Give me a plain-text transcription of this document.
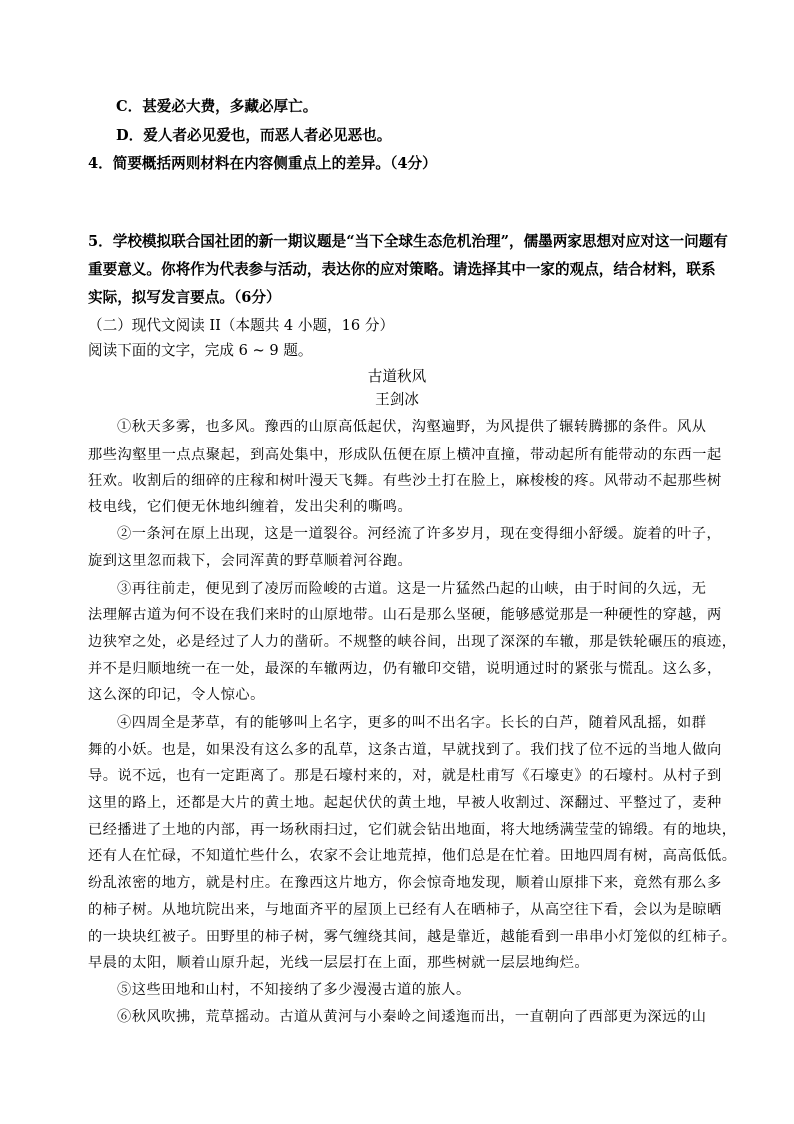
C．甚爱必大费，多藏必厚亡。
D．爱人者必见爱也，而恶人者必见恶也。
4．简要概括两则材料在内容侧重点上的差异。（4分）
5．学校模拟联合国社团的新一期议题是“当下全球生态危机治理”，儒墨两家思想对应对这一问题有
重要意义。你将作为代表参与活动，表达你的应对策略。请选择其中一家的观点，结合材料，联系
实际，拟写发言要点。（6分）
（二）现代文阅读 II（本题共 4 小题，16 分）
阅读下面的文字，完成 6 ~ 9 题。
古道秋风
王剑冰
①秋天多雾，也多风。豫西的山原高低起伏，沟壑遍野，为风提供了辗转腾挪的条件。风从
那些沟壑里一点点聚起，到高处集中，形成队伍便在原上横冲直撞，带动起所有能带动的东西一起
狂欢。收割后的细碎的庄稼和树叶漫天飞舞。有些沙土打在脸上，麻梭梭的疼。风带动不起那些树
枝电线，它们便无休地纠缠着，发出尖利的嘶鸣。
②一条河在原上出现，这是一道裂谷。河经流了许多岁月，现在变得细小舒缓。旋着的叶子，
旋到这里忽而栽下，会同浑黄的野草顺着河谷跑。
③再往前走，便见到了凌厉而险峻的古道。这是一片猛然凸起的山峡，由于时间的久远，无
法理解古道为何不设在我们来时的山原地带。山石是那么坚硬，能够感觉那是一种硬性的穿越，两
边狭窄之处，必是经过了人力的凿斫。不规整的峡谷间，出现了深深的车辙，那是铁轮碾压的痕迹，
并不是归顺地统一在一处，最深的车辙两边，仍有辙印交错，说明通过时的紧张与慌乱。这么多，
这么深的印记，令人惊心。
④四周全是茅草，有的能够叫上名字，更多的叫不出名字。长长的白芦，随着风乱摇，如群
舞的小妖。也是，如果没有这么多的乱草，这条古道，早就找到了。我们找了位不远的当地人做向
导。说不远，也有一定距离了。那是石壕村来的，对，就是杜甫写《石壕吏》的石壕村。从村子到
这里的路上，还都是大片的黄土地。起起伏伏的黄土地，早被人收割过、深翻过、平整过了，麦种
已经播进了土地的内部，再一场秋雨扫过，它们就会钻出地面，将大地绣满莹莹的锦缎。有的地块，
还有人在忙碌，不知道忙些什么，农家不会让地荒掉，他们总是在忙着。田地四周有树，高高低低。
纷乱浓密的地方，就是村庄。在豫西这片地方，你会惊奇地发现，顺着山原排下来，竟然有那么多
的柿子树。从地坑院出来，与地面齐平的屋顶上已经有人在晒柿子，从高空往下看，会以为是晾晒
的一块块红被子。田野里的柿子树，雾气缠绕其间，越是靠近，越能看到一串串小灯笼似的红柿子。
早晨的太阳，顺着山原升起，光线一层层打在上面，那些树就一层层地绚烂。
⑤这些田地和山村，不知接纳了多少漫漫古道的旅人。
⑥秋风吹拂，荒草摇动。古道从黄河与小秦岭之间逶迤而出，一直朝向了西部更为深远的山
